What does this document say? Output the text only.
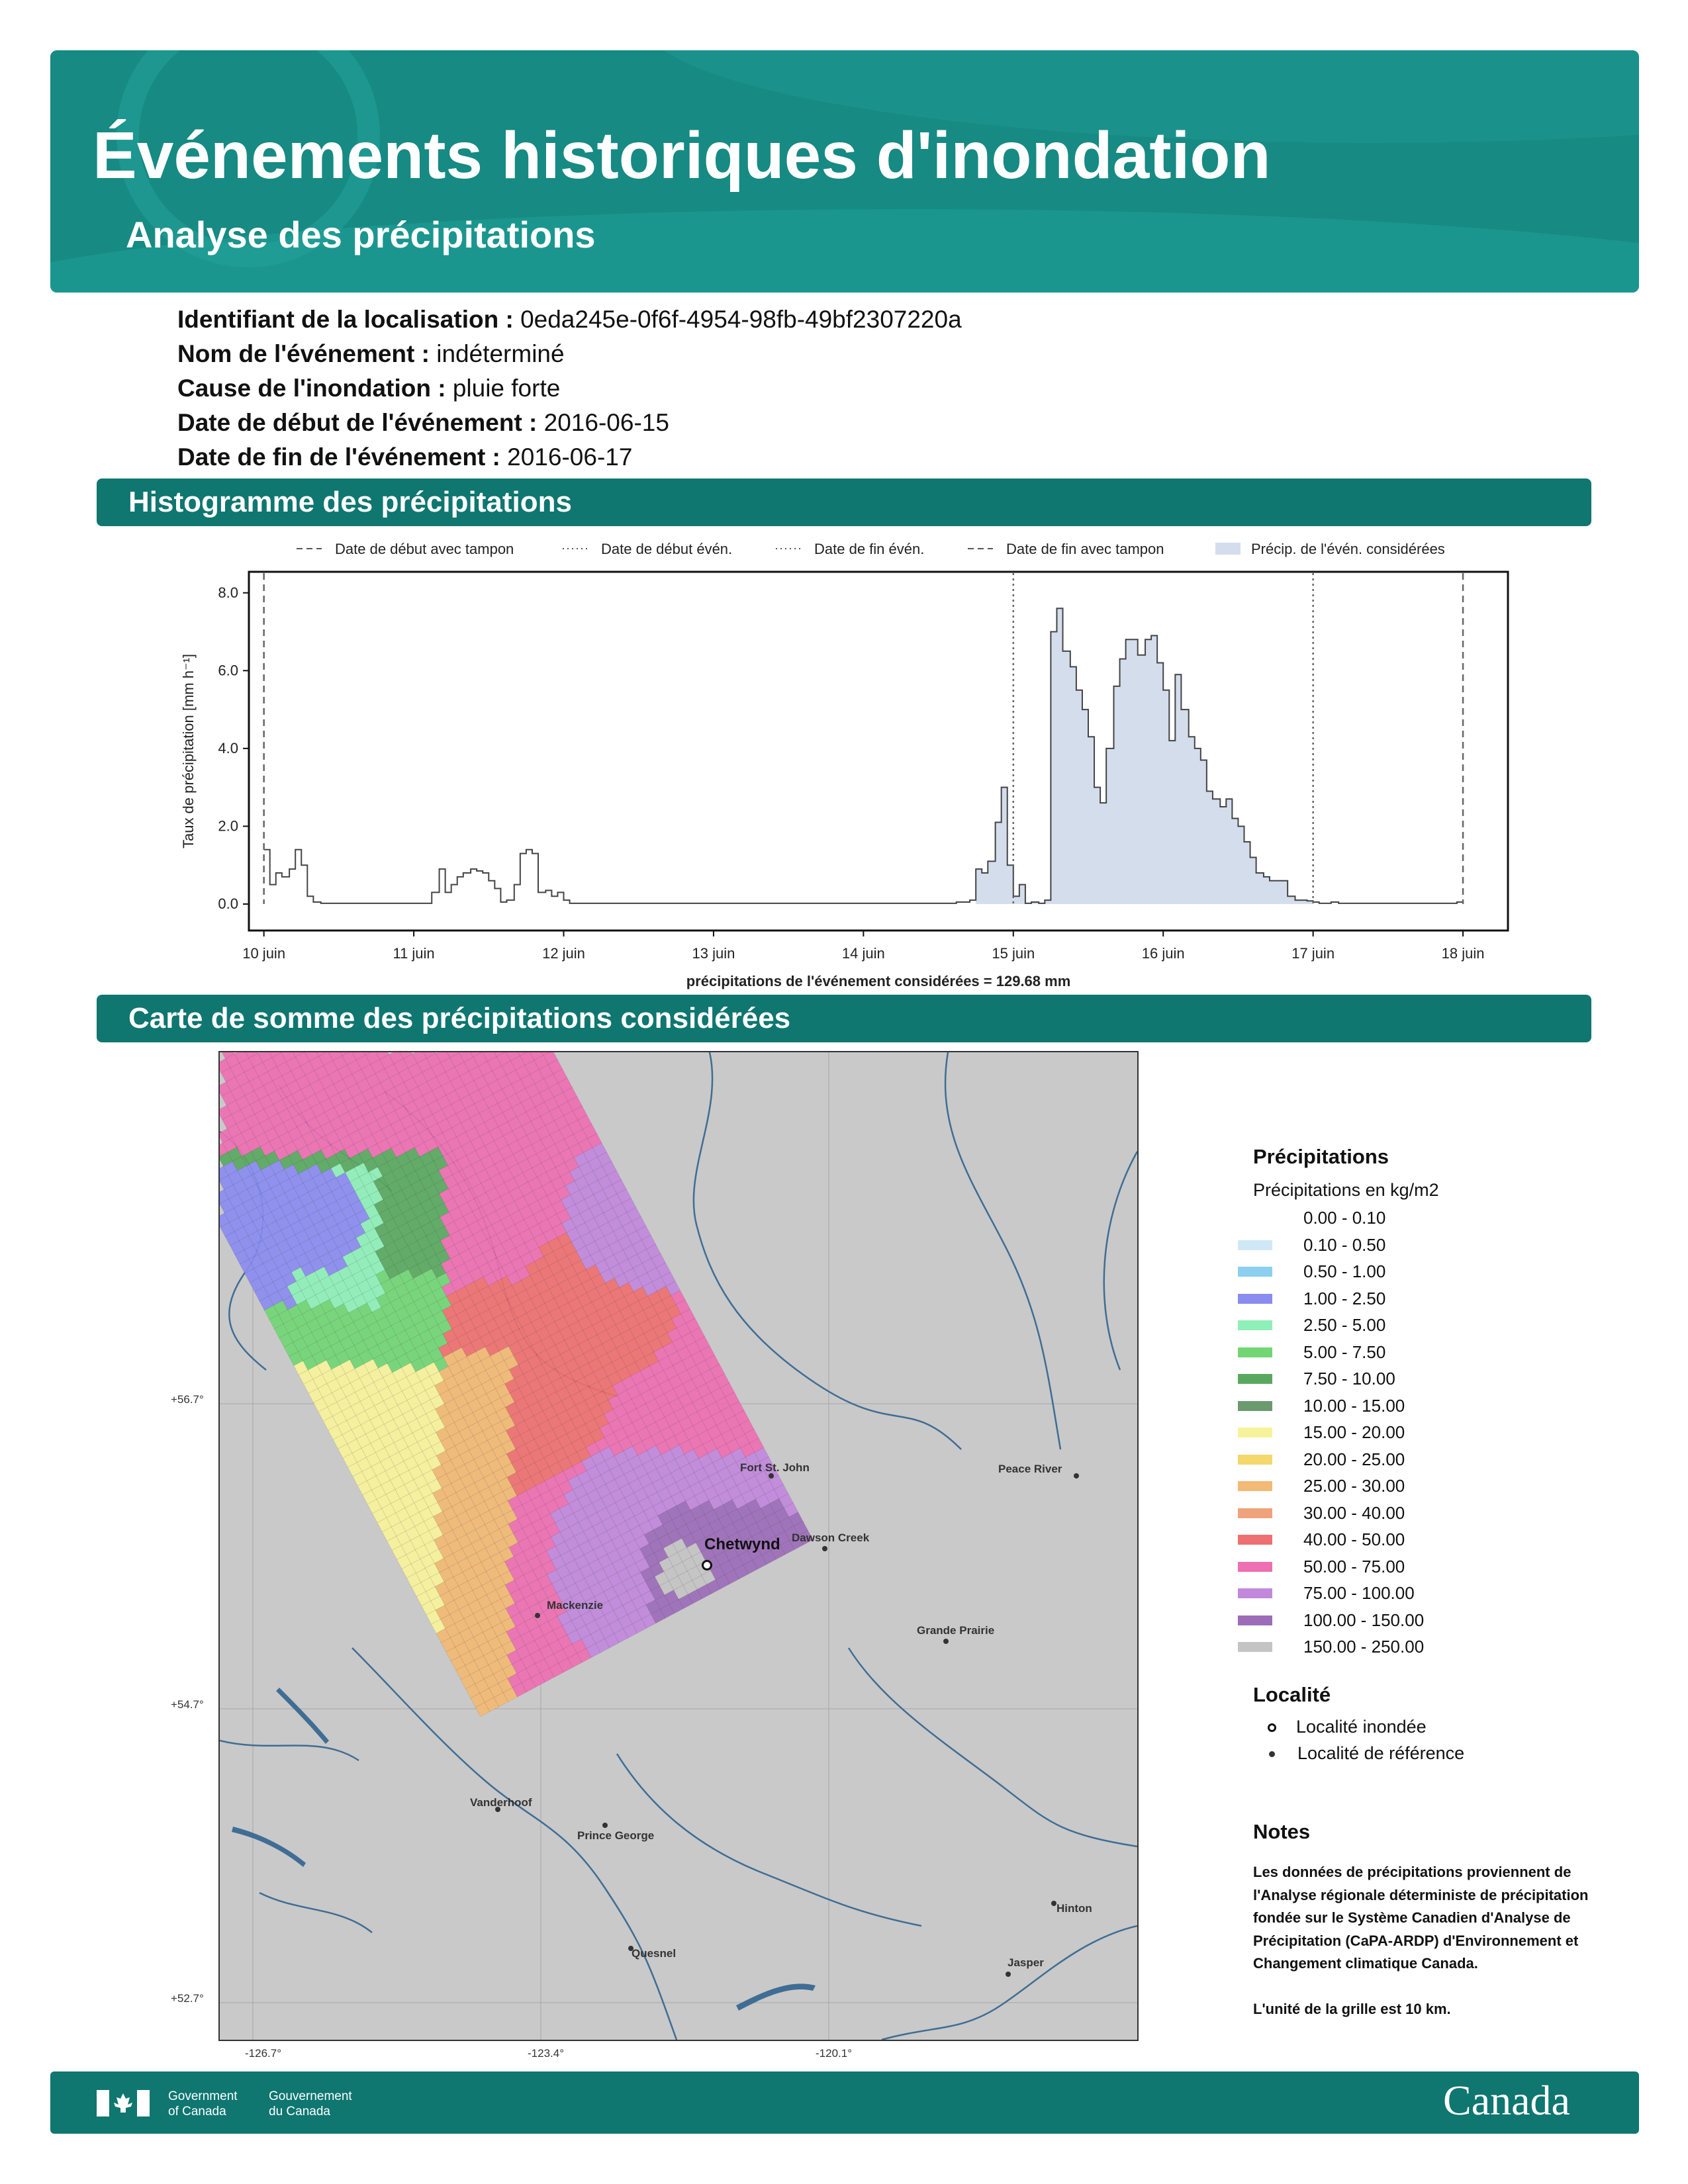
Événements historiques d'inondation
Analyse des précipitations
Identifiant de la localisation : 0eda245e-0f6f-4954-98fb-49bf2307220a
Nom de l'événement : indéterminé
Cause de l'inondation : pluie forte
Date de début de l'événement : 2016-06-15
Date de fin de l'événement : 2016-06-17
Histogramme des précipitations
Date de début avec tampon	Date de début évén.	Date de fin évén.	Date de fin avec tampon	Précip. de l'évén. considérées
0.0
2.0
4.0
6.0
8.0
10 juin	11 juin	12 juin	13 juin	14 juin	15 juin	16 juin	17 juin	18 juin
Taux de précipitation [mm h⁻¹]
précipitations de l'événement considérées = 129.68 mm
Carte de somme des précipitations considérées
Chetwynd
Fort St. John
Dawson Creek
Peace River
Mackenzie
Grande Prairie
Vanderhoof
Prince George
Hinton
Jasper
Quesnel
+56.7°
+54.7°
+52.7°
-126.7°	-123.4°	-120.1°
Précipitations
Précipitations en kg/m2
0.00 - 0.10
0.10 - 0.50
0.50 - 1.00
1.00 - 2.50
2.50 - 5.00
5.00 - 7.50
7.50 - 10.00
10.00 - 15.00
15.00 - 20.00
20.00 - 25.00
25.00 - 30.00
30.00 - 40.00
40.00 - 50.00
50.00 - 75.00
75.00 - 100.00
100.00 - 150.00
150.00 - 250.00
Localité
Localité inondée
Localité de référence
Notes
Les données de précipitations proviennent de l'Analyse régionale déterministe de précipitation fondée sur le Système Canadien d'Analyse de Précipitation (CaPA-ARDP) d'Environnement et Changement climatique Canada.
L'unité de la grille est 10 km.
Government
of Canada
Gouvernement
du Canada	Canada
